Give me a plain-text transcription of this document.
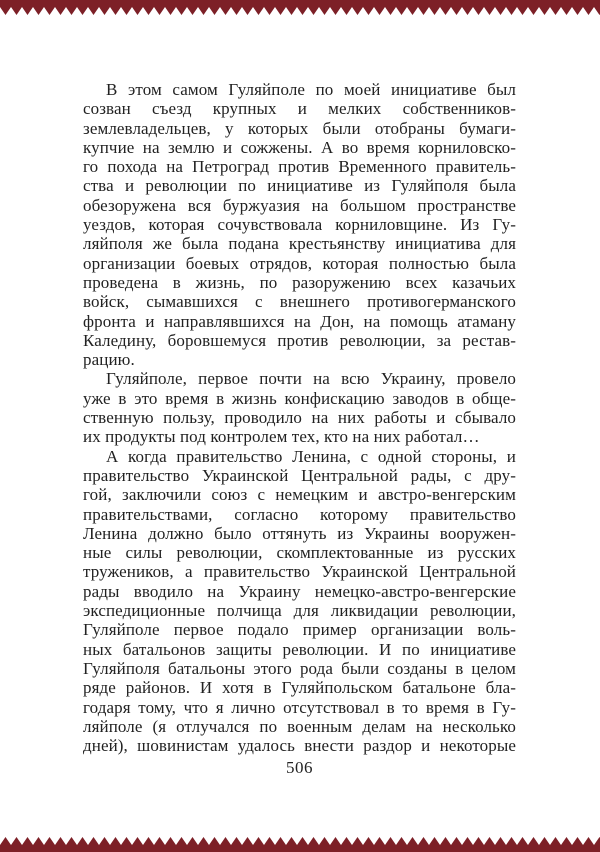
В этом самом Гуляйполе по моей инициативе был
созван съезд крупных и мелких собственников-
землевладельцев, у которых были отобраны бумаги-
купчие на землю и сожжены. А во время корниловско-
го похода на Петроград против Временного правитель-
ства и революции по инициативе из Гуляйполя была
обезоружена вся буржуазия на большом пространстве
уездов, которая сочувствовала корниловщине. Из Гу-
ляйполя же была подана крестьянству инициатива для
организации боевых отрядов, которая полностью была
проведена в жизнь, по разоружению всех казачьих
войск, сымавшихся с внешнего противогерманского
фронта и направлявшихся на Дон, на помощь атаману
Каледину, боровшемуся против революции, за рестав-
рацию.
Гуляйполе, первое почти на всю Украину, провело
уже в это время в жизнь конфискацию заводов в обще-
ственную пользу, проводило на них работы и сбывало
их продукты под контролем тех, кто на них работал…
А когда правительство Ленина, с одной стороны, и
правительство Украинской Центральной рады, с дру-
гой, заключили союз с немецким и австро-венгерским
правительствами, согласно которому правительство
Ленина должно было оттянуть из Украины вооружен-
ные силы революции, скомплектованные из русских
тружеников, а правительство Украинской Центральной
рады вводило на Украину немецко-австро-венгерские
экспедиционные полчища для ликвидации революции,
Гуляйполе первое подало пример организации воль-
ных батальонов защиты революции. И по инициативе
Гуляйполя батальоны этого рода были созданы в целом
ряде районов. И хотя в Гуляйпольском батальоне бла-
годаря тому, что я лично отсутствовал в то время в Гу-
ляйполе (я отлучался по военным делам на несколько
дней), шовинистам удалось внести раздор и некоторые
506
